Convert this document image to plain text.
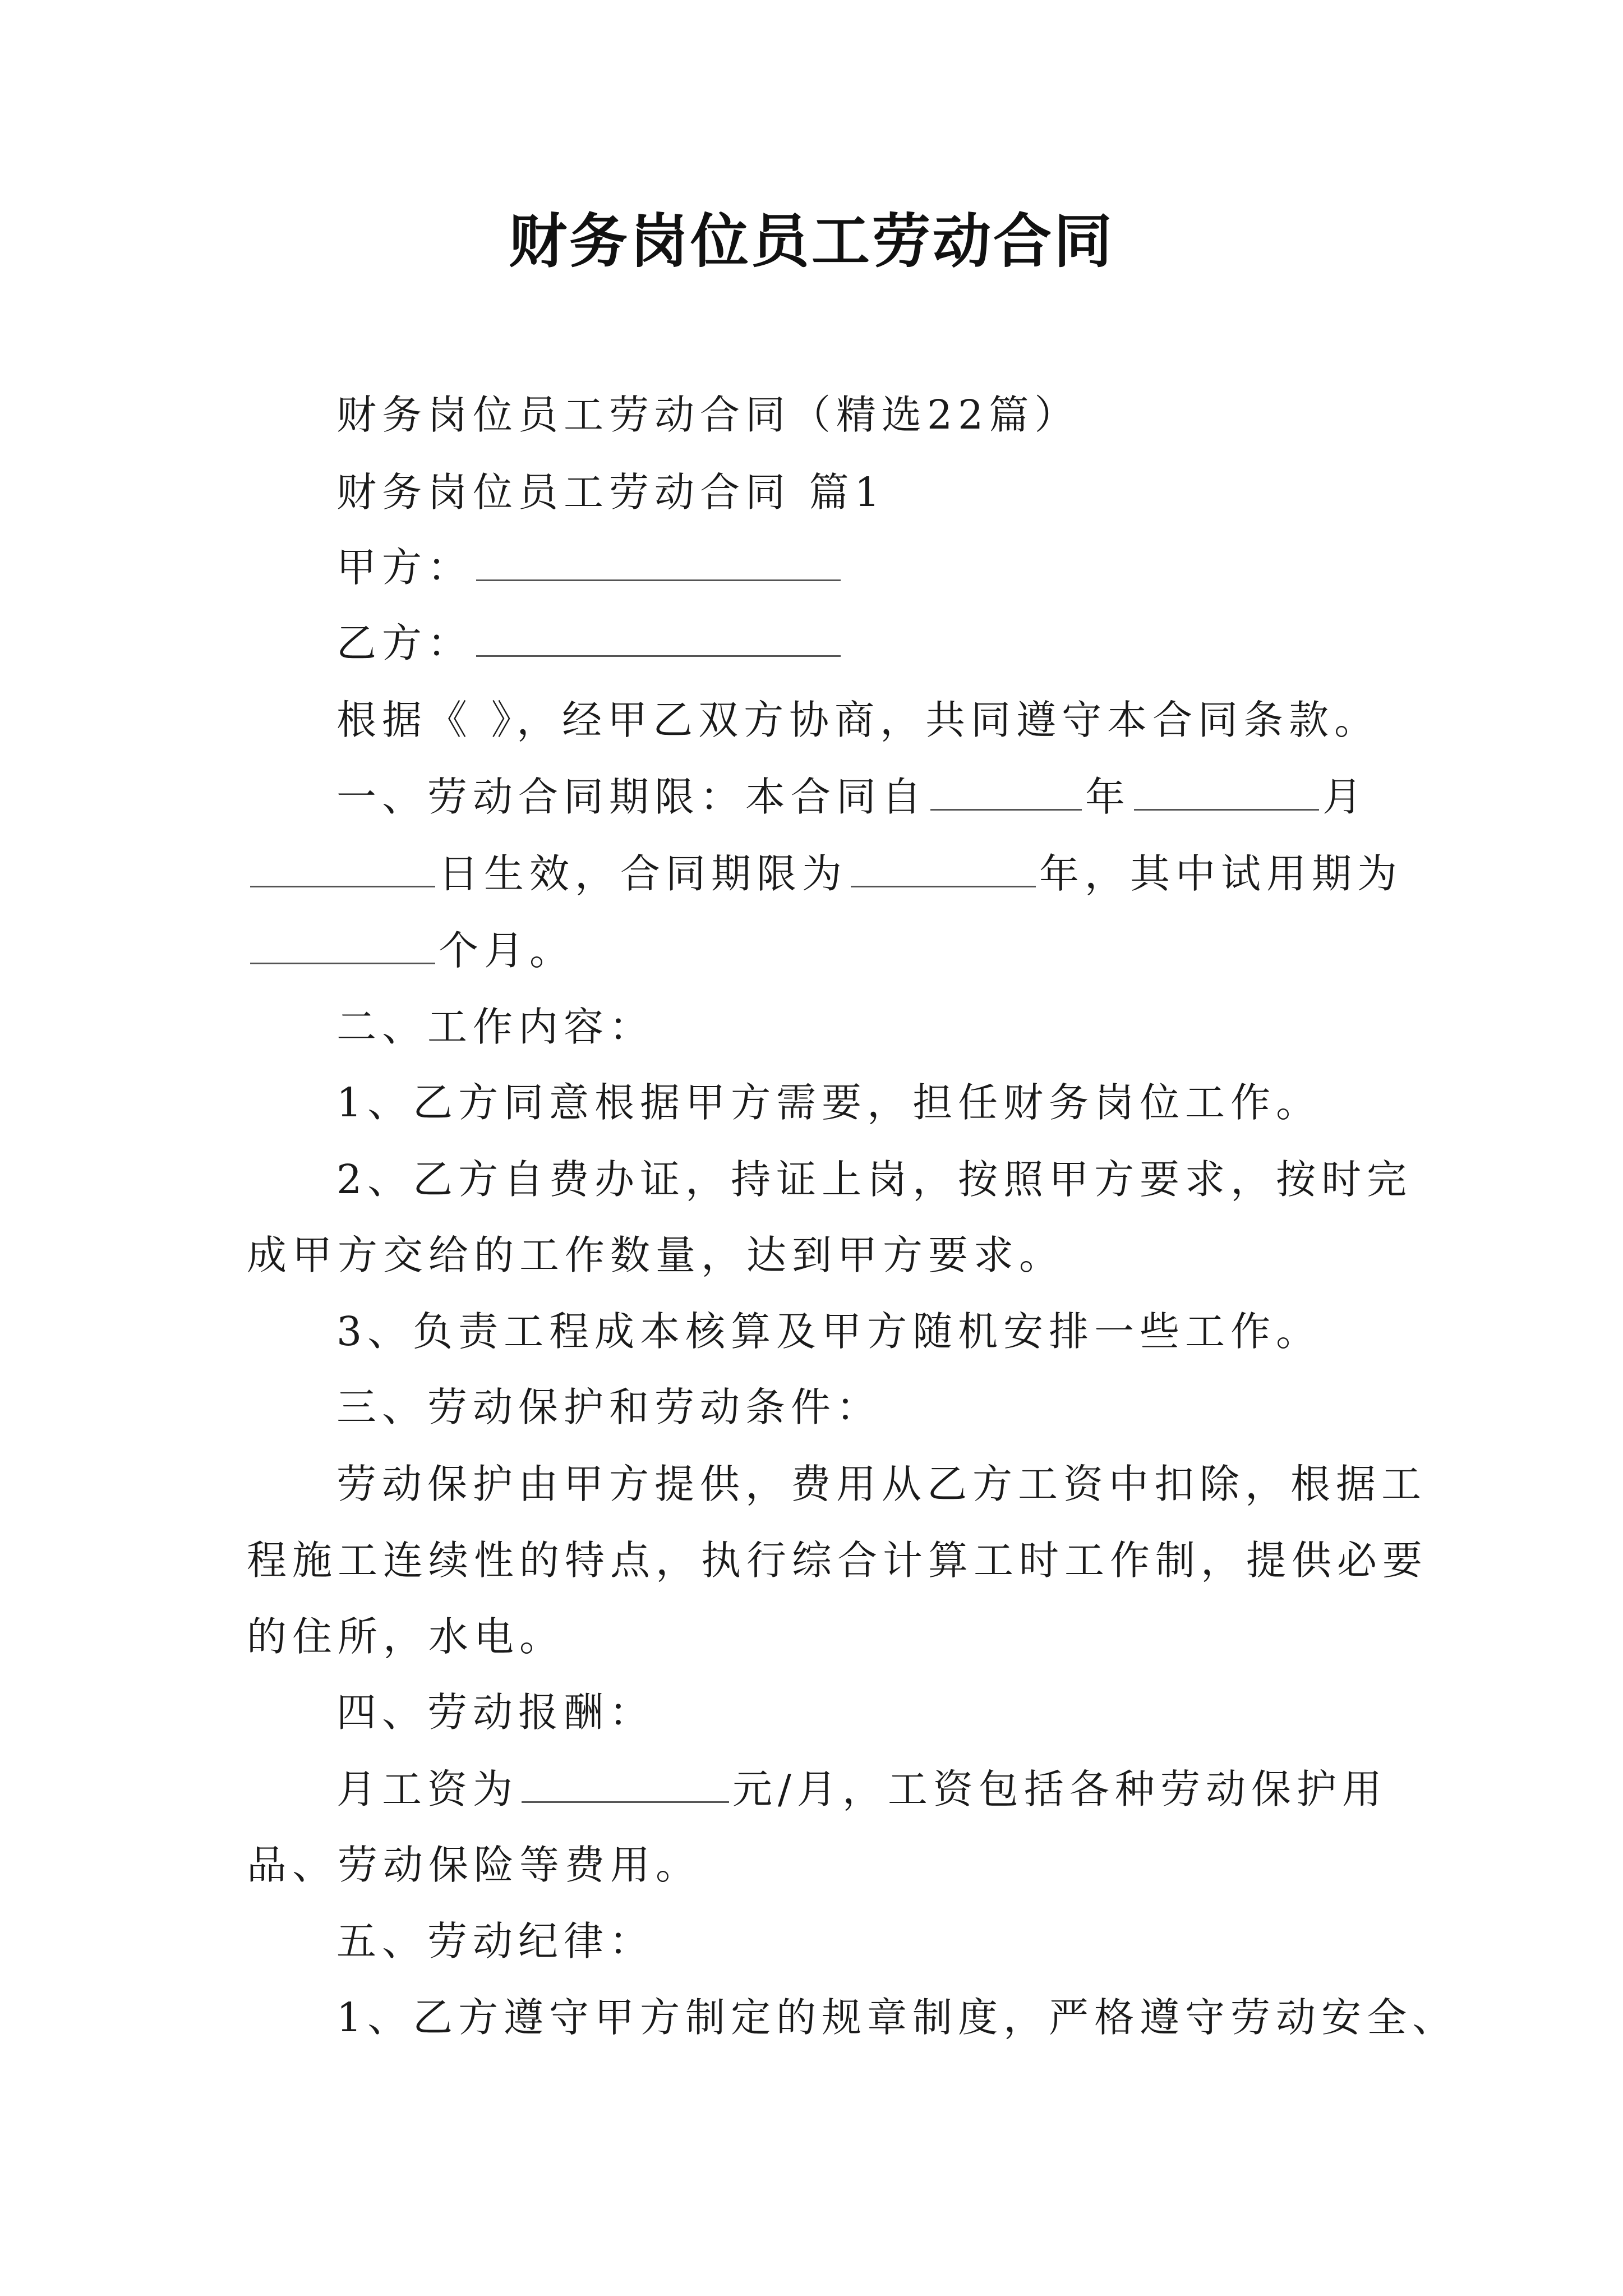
财务岗位员工劳动合同
财务岗位员工劳动合同（精选22篇）
财务岗位员工劳动合同 篇1
甲方：
乙方：
根据《 》，经甲乙双方协商，共同遵守本合同条款。
一、劳动合同期限：本合同自	年	月
日生效，合同期限为	年，其中试用期为
个月。
二、工作内容：
1、乙方同意根据甲方需要，担任财务岗位工作。
2、乙方自费办证，持证上岗，按照甲方要求，按时完
成甲方交给的工作数量，达到甲方要求。
3、负责工程成本核算及甲方随机安排一些工作。
三、劳动保护和劳动条件：
劳动保护由甲方提供，费用从乙方工资中扣除，根据工
程施工连续性的特点，执行综合计算工时工作制，提供必要
的住所，水电。
四、劳动报酬：
月工资为	元/月，工资包括各种劳动保护用
品、劳动保险等费用。
五、劳动纪律：
1、乙方遵守甲方制定的规章制度，严格遵守劳动安全、
